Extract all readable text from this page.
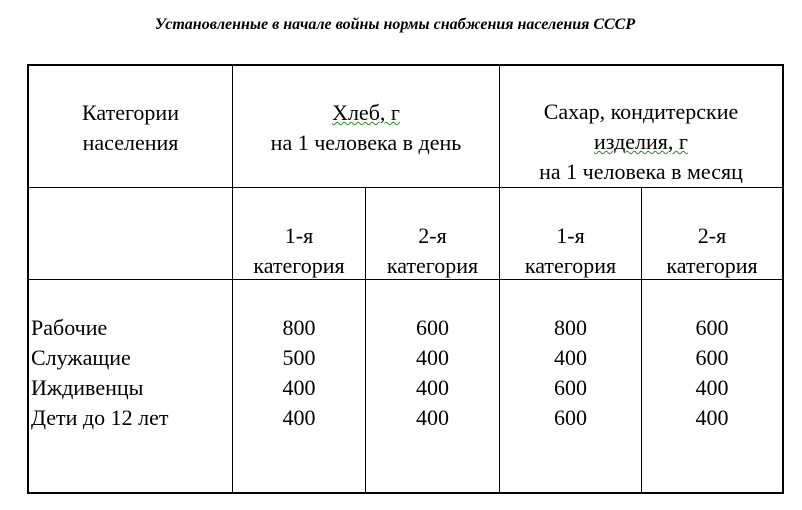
Установленные в начале войны нормы снабжения населения СССР
Категории
населения
Хлеб, г
на 1 человека в день
Сахар, кондитерские
изделия, г
на 1 человека в месяц
1-я
категория
2-я
категория
1-я
категория
2-я
категория
Рабочие
Служащие
Иждивенцы
Дети до 12 лет
800
500
400
400
600
400
400
400
800
400
600
600
600
600
400
400
